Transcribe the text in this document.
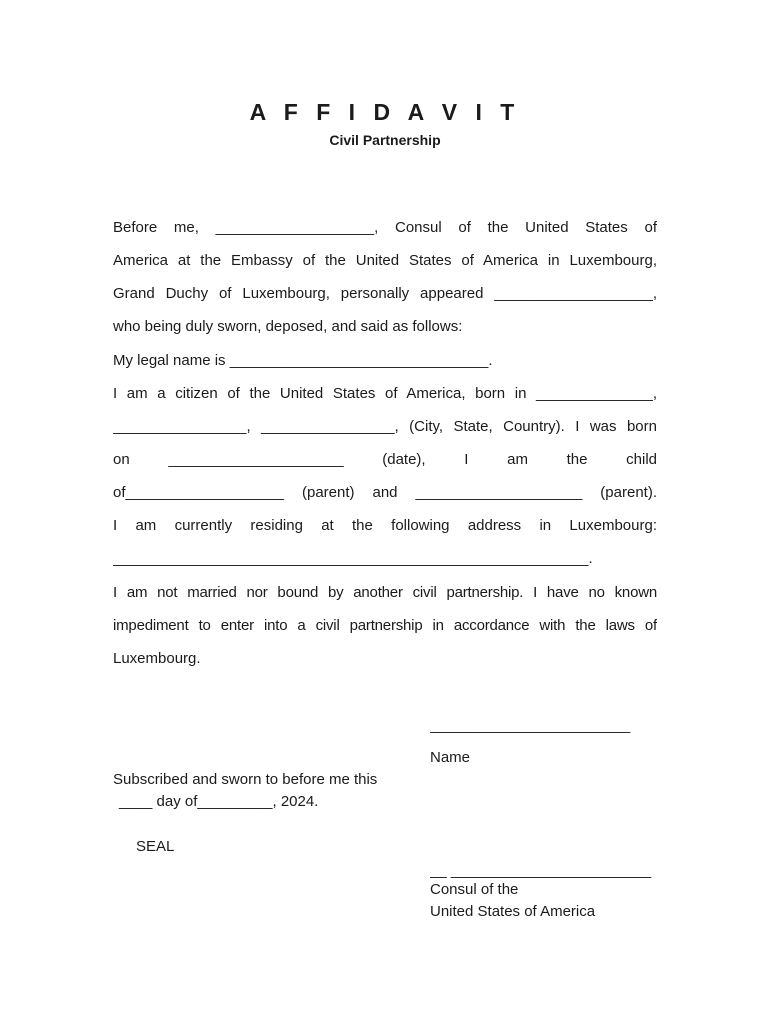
A F F I D A V I T
Civil Partnership
Before me, ___________________, Consul of the United States of
America at the Embassy of the United States of America in Luxembourg,
Grand Duchy of Luxembourg, personally appeared ___________________,
who being duly sworn, deposed, and said as follows:
My legal name is _______________________________.
I am a citizen of the United States of America, born in ______________,
________________, ________________, (City, State, Country). I was born
on _____________________ (date), I am the child
of___________________ (parent) and ____________________ (parent).
I am currently residing at the following address in Luxembourg:
_________________________________________________________.
I am not married nor bound by another civil partnership. I have no known
impediment to enter into a civil partnership in accordance with the laws of
Luxembourg.
________________________
Name
Subscribed and sworn to before me this
____ day of_________, 2024.
SEAL
__ ________________________
Consul of the
United States of America
